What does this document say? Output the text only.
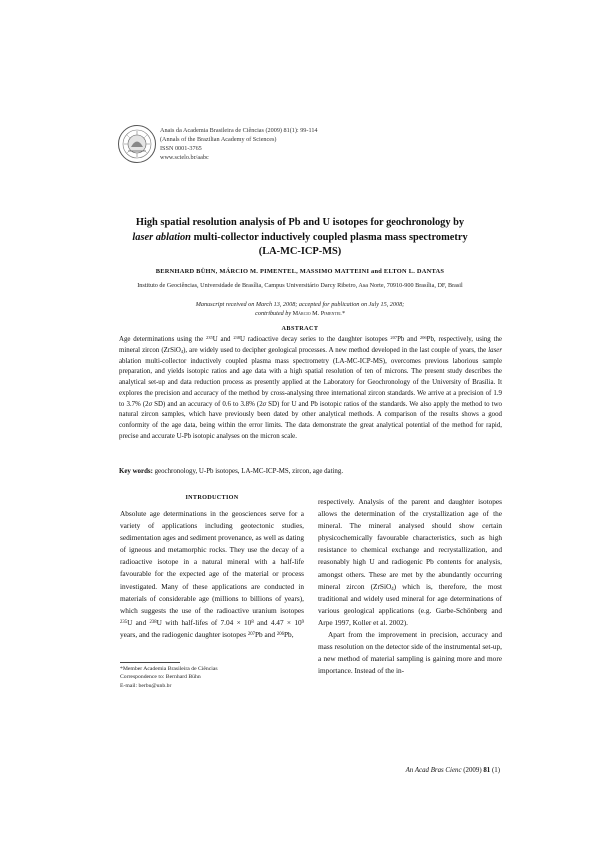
Anais da Academia Brasileira de Ciências (2009) 81(1): 99-114
(Annals of the Brazilian Academy of Sciences)
ISSN 0001-3765
www.scielo.br/aabc
High spatial resolution analysis of Pb and U isotopes for geochronology by
laser ablation multi-collector inductively coupled plasma mass spectrometry
(LA-MC-ICP-MS)
BERNHARD BÜHN, MÁRCIO M. PIMENTEL, MASSIMO MATTEINI and ELTON L. DANTAS
Instituto de Geociências, Universidade de Brasília, Campus Universitário Darcy Ribeiro, Asa Norte, 70910-900 Brasília, DF, Brasil
Manuscript received on March 13, 2008; accepted for publication on July 15, 2008;
contributed by Márcio M. Pimentel*
ABSTRACT
Age determinations using the $^{235}$U and $^{238}$U radioactive decay series to the daughter isotopes $^{207}$Pb and $^{206}$Pb, respectively, using the mineral zircon (ZrSiO$_4$), are widely used to decipher geological processes. A new method developed in the last couple of years, the laser ablation multi-collector inductively coupled plasma mass spectrometry (LA-MC-ICP-MS), overcomes previous laborious sample preparation, and yields isotopic ratios and age data with a high spatial resolution of ten of microns. The present study describes the analytical set-up and data reduction process as presently applied at the Laboratory for Geochronology of the University of Brasília. It explores the precision and accuracy of the method by cross-analysing three international zircon standards. We arrive at a precision of 1.9 to 3.7% (2σ SD) and an accuracy of 0.6 to 3.8% (2σ SD) for U and Pb isotopic ratios of the standards. We also apply the method to two natural zircon samples, which have previously been dated by other analytical methods. A comparison of the results shows a good conformity of the age data, being within the error limits. The data demonstrate the great analytical potential of the method for rapid, precise and accurate U-Pb isotopic analyses on the micron scale.
Key words: geochronology, U-Pb isotopes, LA-MC-ICP-MS, zircon, age dating.
INTRODUCTION

Absolute age determinations in the geosciences serve for a variety of applications including geotectonic studies, sedimentation ages and sediment provenance, as well as dating of igneous and metamorphic rocks. They use the decay of a radioactive isotope in a natural mineral with a half-life favourable for the expected age of the material or process investigated. Many of these applications are conducted in materials of considerable age (millions to billions of years), which suggests the use of the radioactive uranium isotopes $^{235}$U and $^{238}$U with half-lifes of $7.04 \times 10^8$ and $4.47 \times 10^9$ years, and the radiogenic daughter isotopes $^{207}$Pb and $^{206}$Pb,

respectively. Analysis of the parent and daughter isotopes allows the determination of the crystallization age of the mineral. The mineral analysed should show certain physicochemically favourable characteristics, such as high resistance to chemical exchange and recrystallization, and reasonably high U and radiogenic Pb contents for analysis, amongst others. These are met by the abundantly occurring mineral zircon (ZrSiO$_4$) which is, therefore, the most traditional and widely used mineral for age determinations of various geological applications (e.g. Garbe-Schönberg and Arpe 1997, Koller et al. 2002).

Apart from the improvement in precision, accuracy and mass resolution on the detector side of the instrumental set-up, a new method of material sampling is gaining more and more importance. Instead of the in-

*Member Academia Brasileira de Ciências
Correspondence to: Bernhard Bühn
E-mail: berbu@unb.br
An Acad Bras Cienc (2009) 81 (1)
